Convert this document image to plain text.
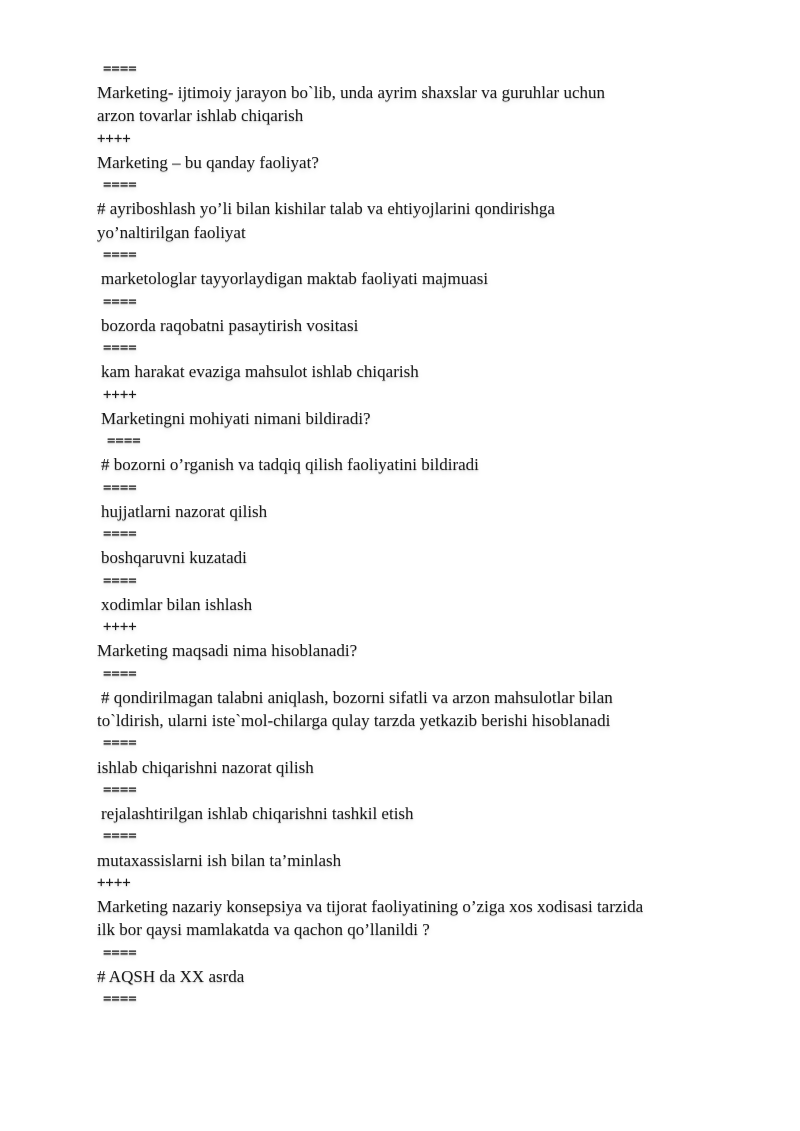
====
Marketing- ijtimoiy jarayon bo`lib, unda ayrim shaxslar va guruhlar uchun
arzon tovarlar ishlab chiqarish
++++
Marketing – bu qanday faoliyat?
====
# ayriboshlash yo’li bilan kishilar talab va ehtiyojlarini qondirishga
yo’naltirilgan faoliyat
====
marketologlar tayyorlaydigan maktab faoliyati majmuasi
====
bozorda raqobatni pasaytirish vositasi
====
kam harakat evaziga mahsulot ishlab chiqarish
++++
Marketingni mohiyati nimani bildiradi?
====
# bozorni o’rganish va tadqiq qilish faoliyatini bildiradi
====
hujjatlarni nazorat qilish
====
boshqaruvni kuzatadi
====
xodimlar bilan ishlash
++++
Marketing maqsadi nima hisoblanadi?
====
# qondirilmagan talabni aniqlash, bozorni sifatli va arzon mahsulotlar bilan
to`ldirish, ularni iste`mol-chilarga qulay tarzda yetkazib berishi hisoblanadi
====
ishlab chiqarishni nazorat qilish
====
rejalashtirilgan ishlab chiqarishni tashkil etish
====
mutaxassislarni ish bilan ta’minlash
++++
Marketing nazariy konsepsiya va tijorat faoliyatining o’ziga xos xodisasi tarzida
ilk bor qaysi mamlakatda va qachon qo’llanildi ?
====
# AQSH da XX asrda
====
